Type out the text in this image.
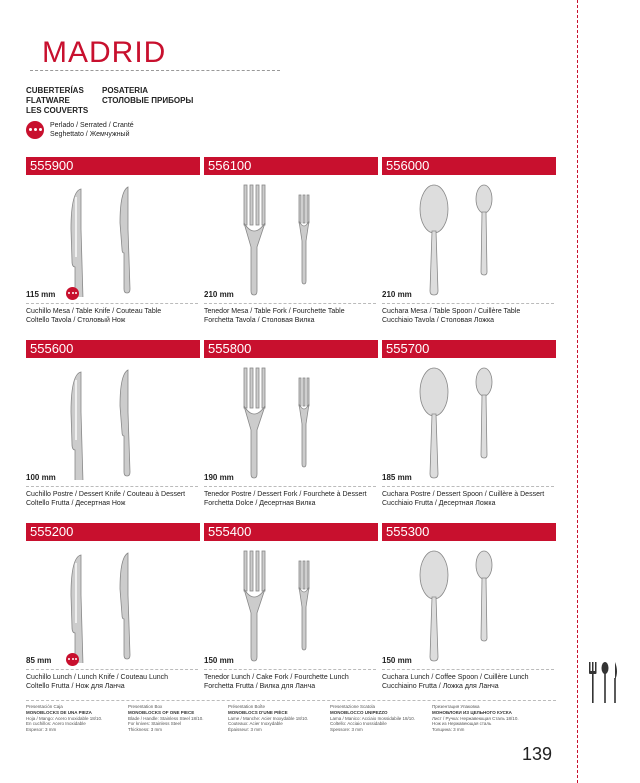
MADRID
CUBERTERÍAS
FLATWARE
LES COUVERTS
POSATERIA
СТОЛОВЫЕ ПРИБОРЫ
Perlado / Serrated / Cranté
Seghettato / Жемчужный
555900
115 mm
Cuchillo Mesa / Table Knife / Couteau Table
Coltello Tavola / Столовый Нож
556100
210 mm
Tenedor Mesa / Table Fork / Fourchette Table
Forchetta Tavola / Столовая Вилка
556000
210 mm
Cuchara Mesa / Table Spoon / Cuillère Table
Cucchiaio Tavola / Столовая Ложка
555600
100 mm
Cuchillo Postre / Dessert Knife / Couteau à Dessert
Coltello Frutta / Десертная Нож
555800
190 mm
Tenedor Postre / Dessert Fork / Fourchete à Dessert
Forchetta Dolce / Десертная Вилка
555700
185 mm
Cuchara Postre / Dessert Spoon / Cuillère à Dessert
Cucchiaio Frutta / Десертная Ложка
555200
85 mm
Cuchillo Lunch / Lunch Knife / Couteau Lunch
Coltello Frutta / Нож для Ланча
555400
150 mm
Tenedor Lunch / Cake Fork / Fourchette Lunch
Forchetta Frutta / Вилка для Ланча
555300
150 mm
Cuchara Lunch / Coffee Spoon / Cuillère Lunch
Cucchiaino Frutta / Ложка для Ланча
Presentación Caja
MONOBLOCKS DE UNA PIEZA
Hoja / Mango: Acero Inoxidable 18/10.
En cuchillos: Acero Inoxidable
Espesor: 3 mm
Presentation Box
MONOBLOCKS OF ONE PIECE
Blade / Handle: Stainless Steel 18/10.
For knives: Stainless Steel
Thickness: 3 mm
Présentation Boîte
MONOBLOCS D'UNE PIÈCE
Lame / Manche: Acier Inoxydable 18/10.
Couteaux: Acier Inoxydable
Épaisseur: 3 mm
Presentazione Scatola
MONOBLOCCO UNIPEZZO
Lama / Manico: Acciaio Inossidabile 18/10.
Coltello: Acciaio Inossidabile
Spessore: 3 mm
Презентация Упаковка
МОНОБЛОКИ ИЗ ЦЕЛЬНОГО КУСКА
Лист / Ручка: Нержавеющая Сталь 18/10.
Нож из Нержавеющая сталь
Толщина: 3 mm
139
